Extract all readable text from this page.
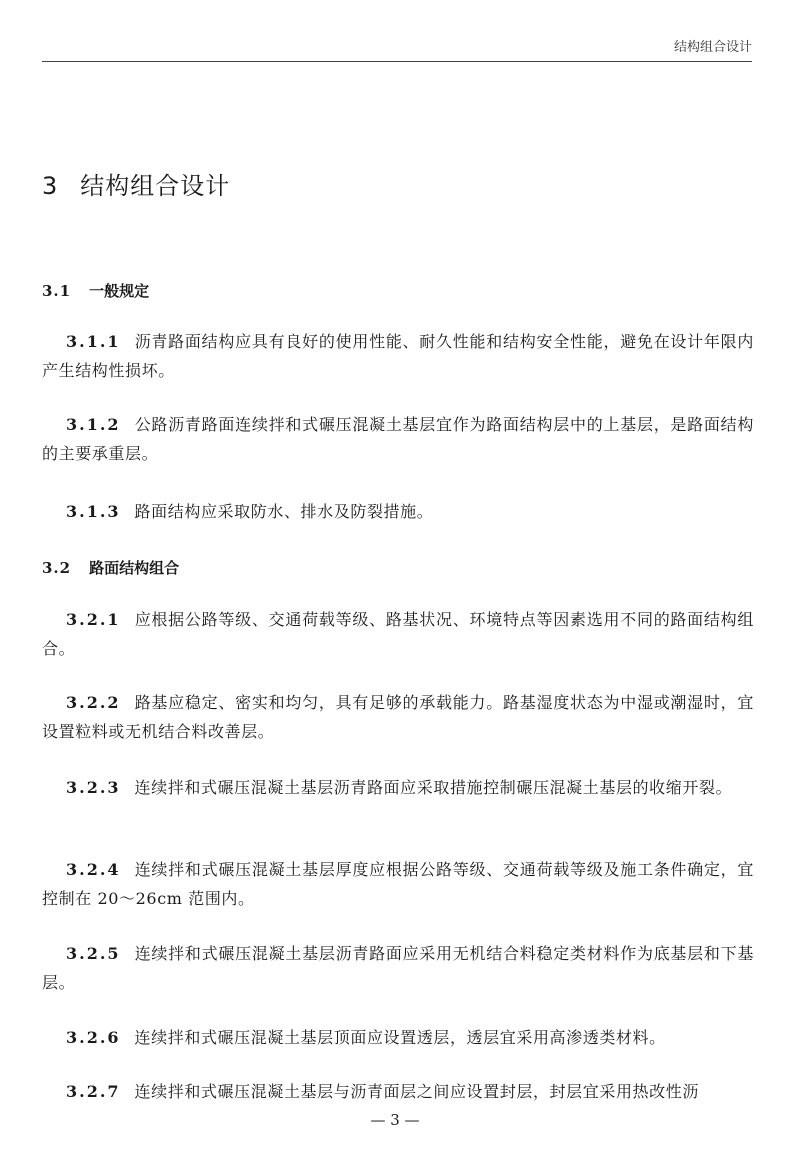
结构组合设计
3 结构组合设计
3.1 一般规定

3.1.1 沥青路面结构应具有良好的使用性能、耐久性能和结构安全性能，避免在设计年限内产生结构性损坏。

3.1.2 公路沥青路面连续拌和式碾压混凝土基层宜作为路面结构层中的上基层，是路面结构的主要承重层。

3.1.3 路面结构应采取防水、排水及防裂措施。

3.2 路面结构组合

3.2.1 应根据公路等级、交通荷载等级、路基状况、环境特点等因素选用不同的路面结构组合。

3.2.2 路基应稳定、密实和均匀，具有足够的承载能力。路基湿度状态为中湿或潮湿时，宜设置粒料或无机结合料改善层。

3.2.3 连续拌和式碾压混凝土基层沥青路面应采取措施控制碾压混凝土基层的收缩开裂。

3.2.4 连续拌和式碾压混凝土基层厚度应根据公路等级、交通荷载等级及施工条件确定，宜控制在 20～26cm 范围内。

3.2.5 连续拌和式碾压混凝土基层沥青路面应采用无机结合料稳定类材料作为底基层和下基层。

3.2.6 连续拌和式碾压混凝土基层顶面应设置透层，透层宜采用高渗透类材料。

3.2.7 连续拌和式碾压混凝土基层与沥青面层之间应设置封层，封层宜采用热改性沥

— 3 —
